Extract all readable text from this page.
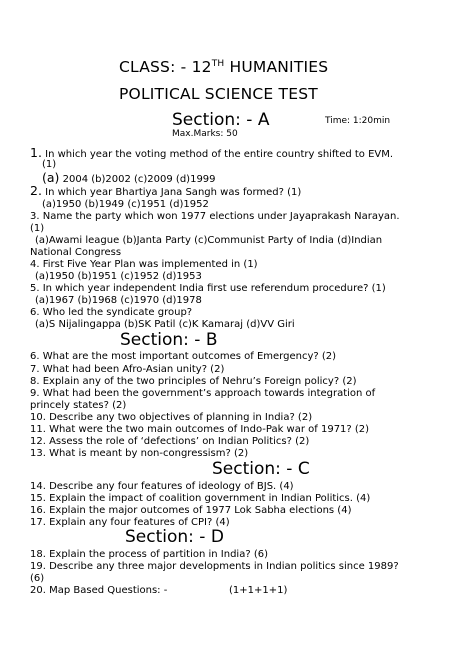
CLASS: - 12TH HUMANITIES
POLITICAL SCIENCE TEST
Section: - A	Time: 1:20min
Max.Marks: 50
1. In which year the voting method of the entire country shifted to EVM.
(1)
(a) 2004 (b)2002 (c)2009 (d)1999
2. In which year Bhartiya Jana Sangh was formed? (1)
(a)1950 (b)1949 (c)1951 (d)1952
3. Name the party which won 1977 elections under Jayaprakash Narayan.
(1)
(a)Awami league (b)Janta Party (c)Communist Party of India (d)Indian
National Congress
4. First Five Year Plan was implemented in (1)
(a)1950 (b)1951 (c)1952 (d)1953
5. In which year independent India first use referendum procedure? (1)
(a)1967 (b)1968 (c)1970 (d)1978
6. Who led the syndicate group?
(a)S Nijalingappa (b)SK Patil (c)K Kamaraj (d)VV Giri
Section: - B
6. What are the most important outcomes of Emergency? (2)
7. What had been Afro-Asian unity? (2)
8. Explain any of the two principles of Nehru’s Foreign policy? (2)
9. What had been the government’s approach towards integration of
princely states? (2)
10. Describe any two objectives of planning in India? (2)
11. What were the two main outcomes of Indo-Pak war of 1971? (2)
12. Assess the role of ‘defections’ on Indian Politics? (2)
13. What is meant by non-congressism? (2)
Section: - C
14. Describe any four features of ideology of BJS. (4)
15. Explain the impact of coalition government in Indian Politics. (4)
16. Explain the major outcomes of 1977 Lok Sabha elections (4)
17. Explain any four features of CPI? (4)
Section: - D
18. Explain the process of partition in India? (6)
19. Describe any three major developments in Indian politics since 1989?
(6)
20. Map Based Questions: -	(1+1+1+1)
